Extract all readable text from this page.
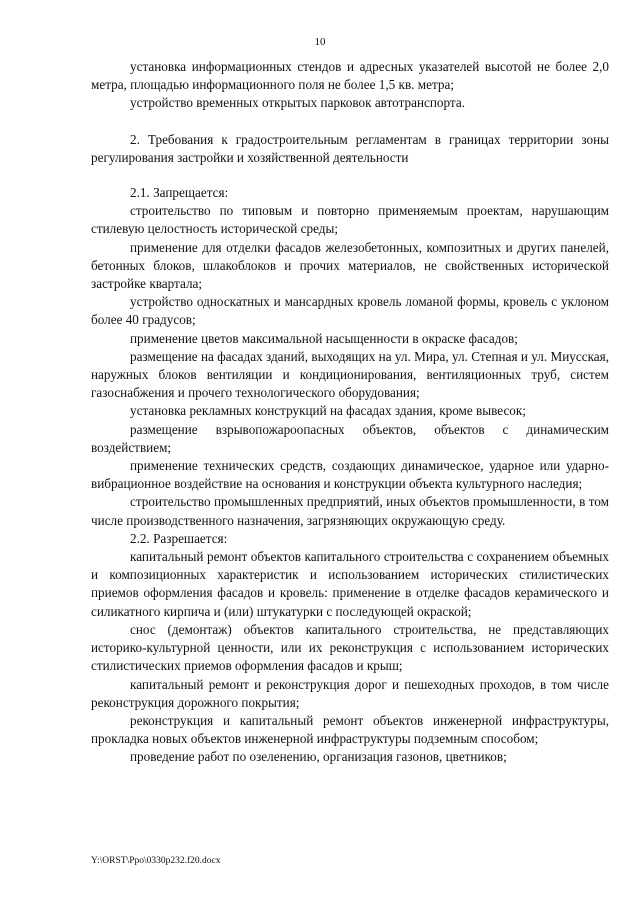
10

установка информационных стендов и адресных указателей высотой не более 2,0 метра, площадью информационного поля не более 1,5 кв. метра;

устройство временных открытых парковок автотранспорта.

2. Требования к градостроительным регламентам в границах территории зоны регулирования застройки и хозяйственной деятельности

2.1. Запрещается:

строительство по типовым и повторно применяемым проектам, нарушающим стилевую целостность исторической среды;

применение для отделки фасадов железобетонных, композитных и других панелей, бетонных блоков, шлакоблоков и прочих материалов, не свойственных исторической застройке квартала;

устройство односкатных и мансардных кровель ломаной формы, кровель с уклоном более 40 градусов;

применение цветов максимальной насыщенности в окраске фасадов;

размещение на фасадах зданий, выходящих на ул. Мира, ул. Степная и ул. Миусская, наружных блоков вентиляции и кондиционирования, вентиляционных труб, систем газоснабжения и прочего технологического оборудования;

установка рекламных конструкций на фасадах здания, кроме вывесок;

размещение взрывопожароопасных объектов, объектов с динамическим воздействием;

применение технических средств, создающих динамическое, ударное или ударно-вибрационное воздействие на основания и конструкции объекта культурного наследия;

строительство промышленных предприятий, иных объектов промышленности, в том числе производственного назначения, загрязняющих окружающую среду.

2.2. Разрешается:

капитальный ремонт объектов капитального строительства с сохранением объемных и композиционных характеристик и использованием исторических стилистических приемов оформления фасадов и кровель: применение в отделке фасадов керамического и силикатного кирпича и (или) штукатурки с последующей окраской;

снос (демонтаж) объектов капитального строительства, не представляющих историко-культурной ценности, или их реконструкция с использованием исторических стилистических приемов оформления фасадов и крыш;

капитальный ремонт и реконструкция дорог и пешеходных проходов, в том числе реконструкция дорожного покрытия;

реконструкция и капитальный ремонт объектов инженерной инфраструктуры, прокладка новых объектов инженерной инфраструктуры подземным способом;

проведение работ по озеленению, организация газонов, цветников;

Y:\ORST\Ppo\0330p232.f20.docx
